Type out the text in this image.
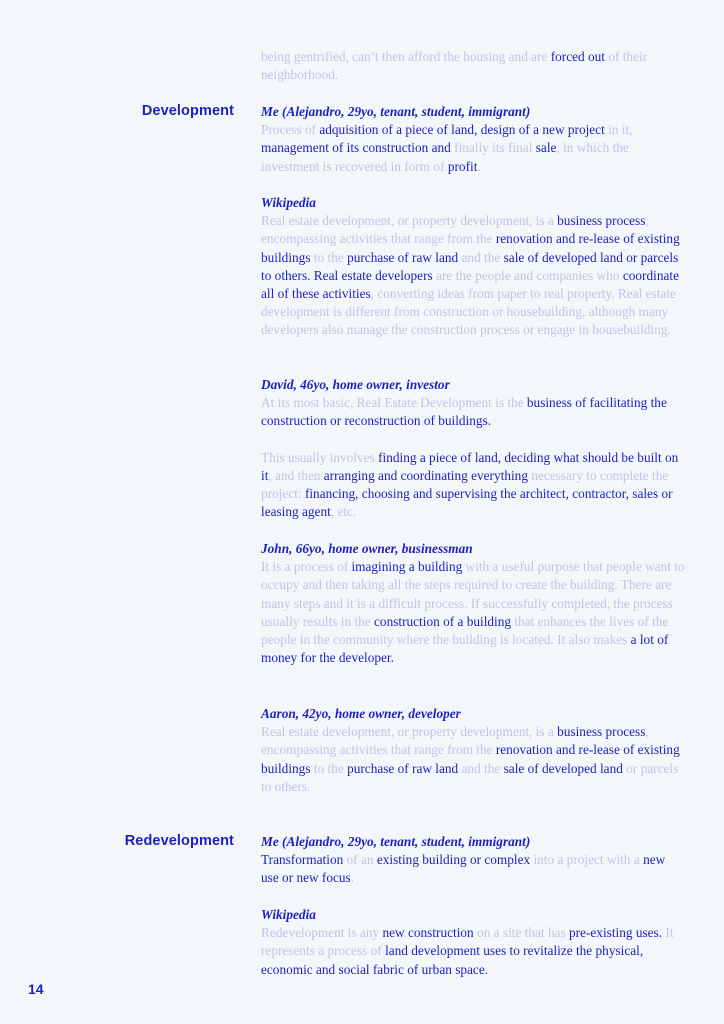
being gentrified, can’t then afford the housing and are forced out of their neighborhood.

Development Me (Alejandro, 29yo, tenant, student, immigrant)

Process of adquisition of a piece of land, design of a new project in it, management of its construction and finally its final sale, in which the investment is recovered in form of profit.

Wikipedia

Real estate development, or property development, is a business process, encompassing activities that range from the renovation and re-lease of existing buildings to the purchase of raw land and the sale of developed land or parcels to others. Real estate developers are the people and companies who coordinate all of these activities, converting ideas from paper to real property. Real estate development is different from construction or housebuilding, although many developers also manage the construction process or engage in housebuilding.

David, 46yo, home owner, investor

At its most basic, Real Estate Development is the business of facilitating the construction or reconstruction of buildings.

This usually involves finding a piece of land, deciding what should be built on it, and then arranging and coordinating everything necessary to complete the project: financing, choosing and supervising the architect, contractor, sales or leasing agent, etc.

John, 66yo, home owner, businessman

It is a process of imagining a building with a useful purpose that people want to occupy and then taking all the steps required to create the building. There are many steps and it is a difficult process. If successfully completed, the process usually results in the construction of a building that enhances the lives of the people in the community where the building is located. It also makes a lot of money for the developer.

Aaron, 42yo, home owner, developer

Real estate development, or property development, is a business process, encompassing activities that range from the renovation and re-lease of existing buildings to the purchase of raw land and the sale of developed land or parcels to others.

Redevelopment Me (Alejandro, 29yo, tenant, student, immigrant)

Transformation of an existing building or complex into a project with a new use or new focus.

Wikipedia

Redevelopment is any new construction on a site that has pre-existing uses. It represents a process of land development uses to revitalize the physical, economic and social fabric of urban space.

14
